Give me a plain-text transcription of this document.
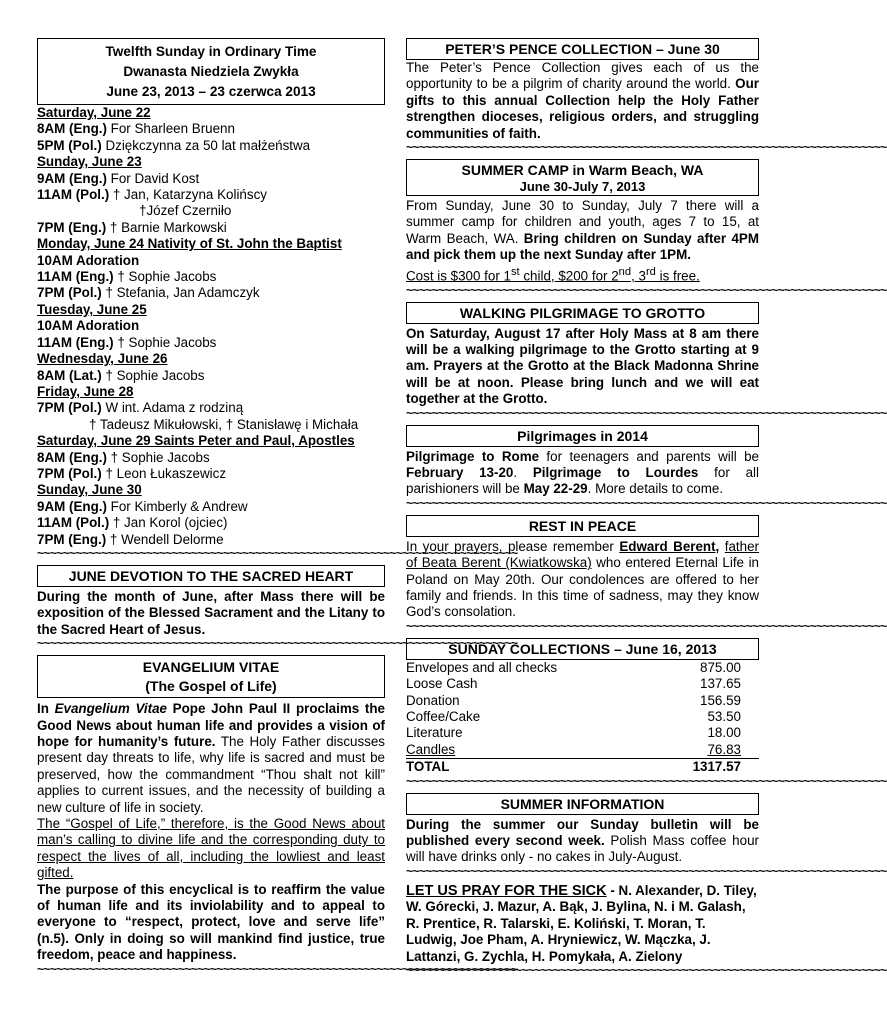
Twelfth Sunday in Ordinary Time
Dwanasta Niedziela Zwykła
June 23, 2013 – 23 czerwca 2013
Saturday, June 22
8AM (Eng.) For Sharleen Bruenn
5PM (Pol.) Dziękczynna za 50 lat małżeństwa
Sunday, June 23
9AM (Eng.) For David Kost
11AM (Pol.) † Jan, Katarzyna Kolińscy
†Józef Czerniło
7PM (Eng.) † Barnie Markowski
Monday, June 24 Nativity of St. John the Baptist
10AM Adoration
11AM (Eng.) † Sophie Jacobs
7PM (Pol.) † Stefania, Jan Adamczyk
Tuesday, June 25
10AM Adoration
11AM (Eng.) † Sophie Jacobs
Wednesday, June 26
8AM (Lat.) † Sophie Jacobs
Friday, June 28
7PM (Pol.) W int. Adama z rodziną
† Tadeusz Mikułowski, † Stanisławę i Michała
Saturday, June 29 Saints Peter and Paul, Apostles
8AM (Eng.) † Sophie Jacobs
7PM (Pol.) † Leon Łukaszewicz
Sunday, June 30
9AM (Eng.) For Kimberly & Andrew
11AM (Pol.) † Jan Korol (ojciec)
7PM (Eng.) † Wendell Delorme
~~~~~~~~~~~~~~~~~~~~~~~~~~~~~~~~~~~~~~~~~~~~~~~~~~~~~~~~~~~~~~~~~~~~~~~~~~~
JUNE DEVOTION TO THE SACRED HEART
During the month of June, after Mass there will be exposition of the Blessed Sacrament and the Litany to the Sacred Heart of Jesus.
~~~~~~~~~~~~~~~~~~~~~~~~~~~~~~~~~~~~~~~~~~~~~~~~~~~~~~~~~~~~~~~~~~~~~~~~~~~
EVANGELIUM VITAE
(The Gospel of Life)
In Evangelium Vitae Pope John Paul II proclaims the Good News about human life and provides a vision of hope for humanity’s future. The Holy Father discusses present day threats to life, why life is sacred and must be preserved, how the commandment “Thou shalt not kill” applies to current issues, and the necessity of building a new culture of life in society.
The “Gospel of Life,” therefore, is the Good News about man’s calling to divine life and the corresponding duty to respect the lives of all, including the lowliest and least gifted.
The purpose of this encyclical is to reaffirm the value of human life and its inviolability and to appeal to everyone to “respect, protect, love and serve life” (n.5). Only in doing so will mankind find justice, true freedom, peace and happiness.
~~~~~~~~~~~~~~~~~~~~~~~~~~~~~~~~~~~~~~~~~~~~~~~~~~~~~~~~~~~~~~~~~~~~~~~~~~~
PETER’S PENCE COLLECTION – June 30
The Peter’s Pence Collection gives each of us the opportunity to be a pilgrim of charity around the world. Our gifts to this annual Collection help the Holy Father strengthen dioceses, religious orders, and struggling communities of faith.
~~~~~~~~~~~~~~~~~~~~~~~~~~~~~~~~~~~~~~~~~~~~~~~~~~~~~~~~~~~~~~~~~~~~~~~~~~~
SUMMER CAMP in Warm Beach, WA
June 30-July 7, 2013
From Sunday, June 30 to Sunday, July 7 there will a summer camp for children and youth, ages 7 to 15, at Warm Beach, WA. Bring children on Sunday after 4PM and pick them up the next Sunday after 1PM.
Cost is $300 for 1st child, $200 for 2nd, 3rd is free.
~~~~~~~~~~~~~~~~~~~~~~~~~~~~~~~~~~~~~~~~~~~~~~~~~~~~~~~~~~~~~~~~~~~~~~~~~~~
WALKING PILGRIMAGE TO GROTTO
On Saturday, August 17 after Holy Mass at 8 am there will be a walking pilgrimage to the Grotto starting at 9 am. Prayers at the Grotto at the Black Madonna Shrine will be at noon. Please bring lunch and we will eat together at the Grotto.
~~~~~~~~~~~~~~~~~~~~~~~~~~~~~~~~~~~~~~~~~~~~~~~~~~~~~~~~~~~~~~~~~~~~~~~~~~~
Pilgrimages in 2014
Pilgrimage to Rome for teenagers and parents will be February 13-20. Pilgrimage to Lourdes for all parishioners will be May 22-29. More details to come.
~~~~~~~~~~~~~~~~~~~~~~~~~~~~~~~~~~~~~~~~~~~~~~~~~~~~~~~~~~~~~~~~~~~~~~~~~~~
REST IN PEACE
In your prayers, please remember Edward Berent, father of Beata Berent (Kwiatkowska) who entered Eternal Life in Poland on May 20th. Our condolences are offered to her family and friends. In this time of sadness, may they know God’s consolation.
~~~~~~~~~~~~~~~~~~~~~~~~~~~~~~~~~~~~~~~~~~~~~~~~~~~~~~~~~~~~~~~~~~~~~~~~~~~
SUNDAY COLLECTIONS – June 16, 2013
Envelopes and all checks	875.00
Loose Cash	137.65
Donation	156.59
Coffee/Cake	53.50
Literature	18.00
Candles	76.83
TOTAL	1317.57
~~~~~~~~~~~~~~~~~~~~~~~~~~~~~~~~~~~~~~~~~~~~~~~~~~~~~~~~~~~~~~~~~~~~~~~~~~~
SUMMER INFORMATION
During the summer our Sunday bulletin will be published every second week. Polish Mass coffee hour will have drinks only - no cakes in July-August.
~~~~~~~~~~~~~~~~~~~~~~~~~~~~~~~~~~~~~~~~~~~~~~~~~~~~~~~~~~~~~~~~~~~~~~~~~~~
LET US PRAY FOR THE SICK - N. Alexander, D. Tiley, W. Górecki, J. Mazur, A. Bąk, J. Bylina, N. i M. Galash, R. Prentice, R. Talarski, E. Koliński, T. Moran, T. Ludwig, Joe Pham, A. Hryniewicz, W. Mączka, J. Lattanzi, G. Zychla, H. Pomykała, A. Zielony
~~~~~~~~~~~~~~~~~~~~~~~~~~~~~~~~~~~~~~~~~~~~~~~~~~~~~~~~~~~~~~~~~~~~~~~~~~~
